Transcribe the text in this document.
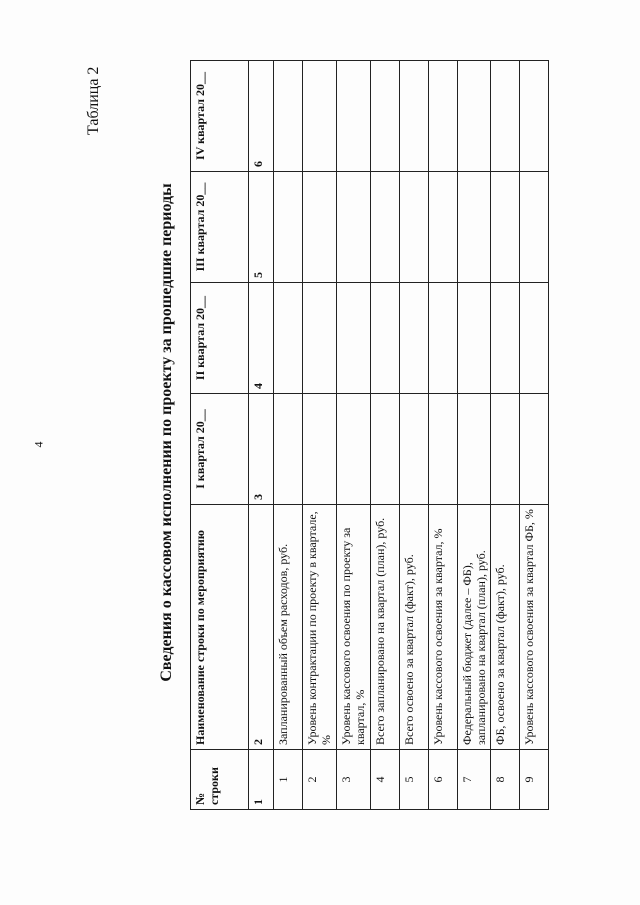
4
Таблица 2
Сведения о кассовом исполнении по проекту за прошедшие периоды
№ строки	Наименование строки по мероприятию	I квартал 20__	II квартал 20__	III квартал 20__	IV квартал 20__
1	2	3	4	5	6
1	Запланированный объем расходов, руб.				
2	Уровень контрактации по проекту в квартале, %				
3	Уровень кассового освоения по проекту за квартал, %				
4	Всего запланировано на квартал (план), руб.				
5	Всего освоено за квартал (факт), руб.				
6	Уровень кассового освоения за квартал, %				
7	Федеральный бюджет (далее – ФБ), запланировано на квартал (план), руб.				
8	ФБ, освоено за квартал (факт), руб.				
9	Уровень кассового освоения за квартал ФБ, %				
